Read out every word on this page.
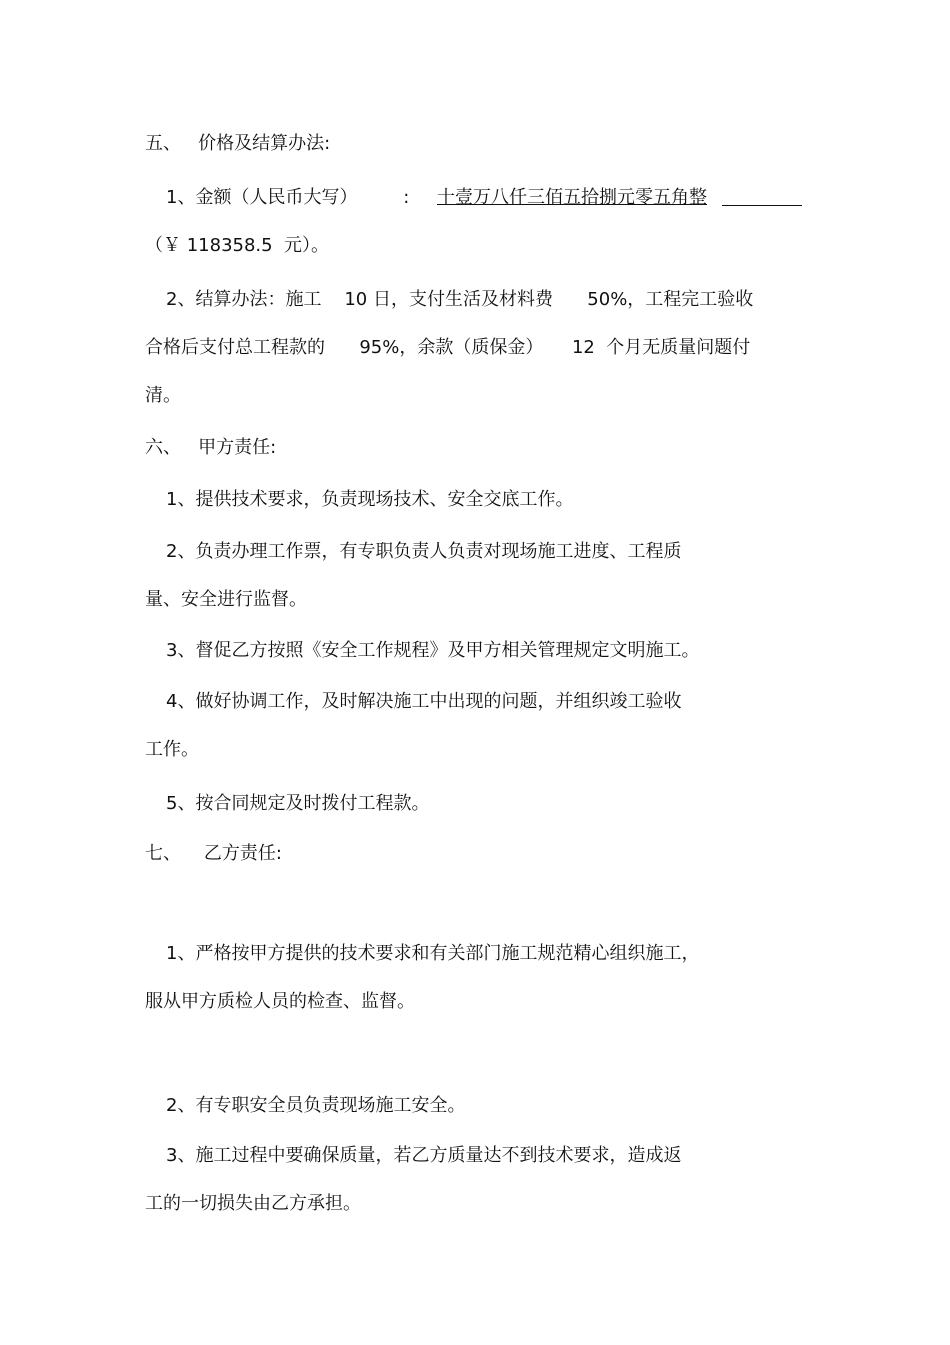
五、   价格及结算办法:
1、金额（人民币大写）        : 十壹万八仟三佰五拾捌元零五角整
（￥ 118358.5  元）。
2、结算办法：施工    10 日，支付生活及材料费      50%，工程完工验收
合格后支付总工程款的      95%，余款（质保金）     12  个月无质量问题付
清。
六、   甲方责任:
1、提供技术要求，负责现场技术、安全交底工作。
2、负责办理工作票，有专职负责人负责对现场施工进度、工程质
量、安全进行监督。
3、督促乙方按照《安全工作规程》及甲方相关管理规定文明施工。
4、做好协调工作，及时解决施工中出现的问题，并组织竣工验收
工作。
5、按合同规定及时拨付工程款。
七、    乙方责任:
1、严格按甲方提供的技术要求和有关部门施工规范精心组织施工，
服从甲方质检人员的检查、监督。
2、有专职安全员负责现场施工安全。
3、施工过程中要确保质量，若乙方质量达不到技术要求，造成返
工的一切损失由乙方承担。
